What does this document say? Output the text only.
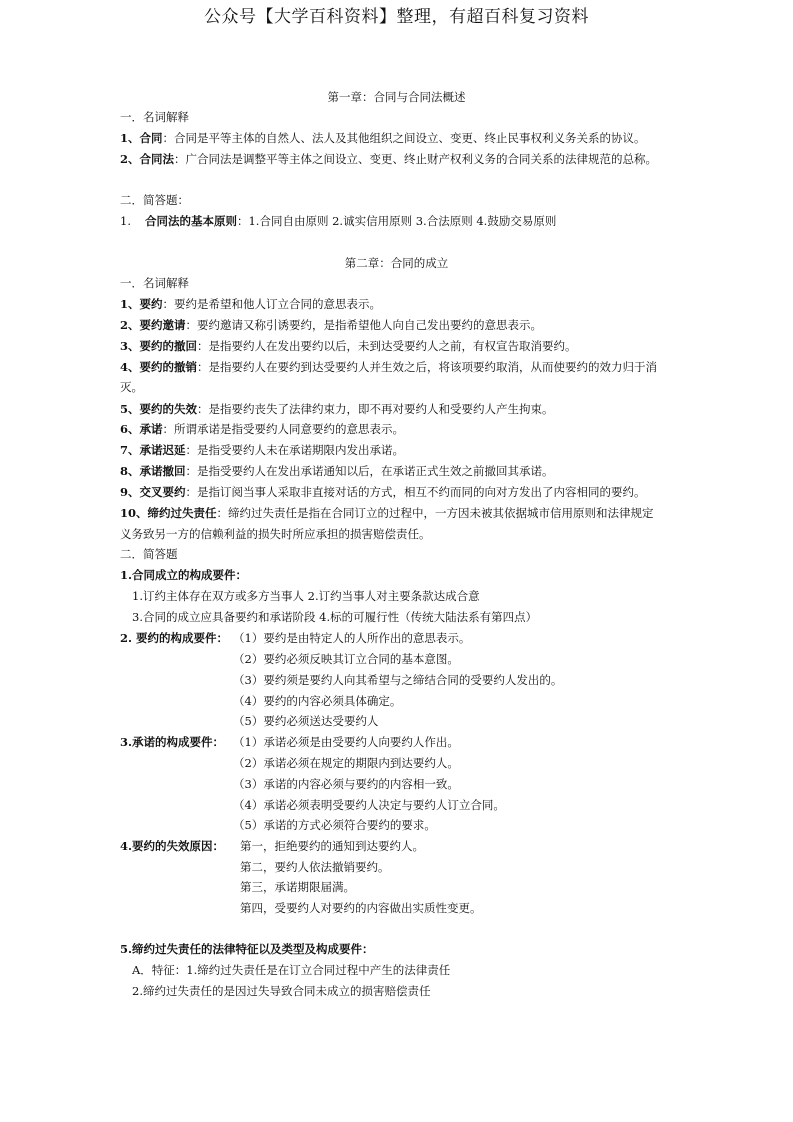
公众号【大学百科资料】整理，有超百科复习资料
第一章：合同与合同法概述
一．名词解释
1、合同：合同是平等主体的自然人、法人及其他组织之间设立、变更、终止民事权利义务关系的协议。
2、合同法：广合同法是调整平等主体之间设立、变更、终止财产权利义务的合同关系的法律规范的总称。
二．简答题：
1. 合同法的基本原则：1.合同自由原则 2.诚实信用原则 3.合法原则 4.鼓励交易原则
第二章：合同的成立
一．名词解释
1、要约：要约是希望和他人订立合同的意思表示。
2、要约邀请：要约邀请又称引诱要约，是指希望他人向自己发出要约的意思表示。
3、要约的撤回：是指要约人在发出要约以后，未到达受要约人之前，有权宣告取消要约。
4、要约的撤销：是指要约人在要约到达受要约人并生效之后，将该项要约取消，从而使要约的效力归于消
灭。
5、要约的失效：是指要约丧失了法律约束力，即不再对要约人和受要约人产生拘束。
6、承诺：所谓承诺是指受要约人同意要约的意思表示。
7、承诺迟延：是指受要约人未在承诺期限内发出承诺。
8、承诺撤回：是指受要约人在发出承诺通知以后，在承诺正式生效之前撤回其承诺。
9、交叉要约：是指订阅当事人采取非直接对话的方式，相互不约而同的向对方发出了内容相同的要约。
10、缔约过失责任：缔约过失责任是指在合同订立的过程中，一方因未被其依据城市信用原则和法律规定
义务致另一方的信赖利益的损失时所应承担的损害赔偿责任。
二．简答题
1.合同成立的构成要件：
1.订约主体存在双方或多方当事人 2.订约当事人对主要条款达成合意
3.合同的成立应具备要约和承诺阶段 4.标的可履行性（传统大陆法系有第四点）
2. 要约的构成要件： （1）要约是由特定人的人所作出的意思表示。
（2）要约必须反映其订立合同的基本意图。
（3）要约须是要约人向其希望与之缔结合同的受要约人发出的。
（4）要约的内容必须具体确定。
（5）要约必须送达受要约人
3.承诺的构成要件： （1）承诺必须是由受要约人向要约人作出。
（2）承诺必须在规定的期限内到达要约人。
（3）承诺的内容必须与要约的内容相一致。
（4）承诺必须表明受要约人决定与要约人订立合同。
（5）承诺的方式必须符合要约的要求。
4.要约的失效原因： 第一，拒绝要约的通知到达要约人。
第二，要约人依法撤销要约。
第三，承诺期限届满。
第四，受要约人对要约的内容做出实质性变更。
5.缔约过失责任的法律特征以及类型及构成要件：
A．特征：1.缔约过失责任是在订立合同过程中产生的法律责任
2.缔约过失责任的是因过失导致合同未成立的损害赔偿责任
